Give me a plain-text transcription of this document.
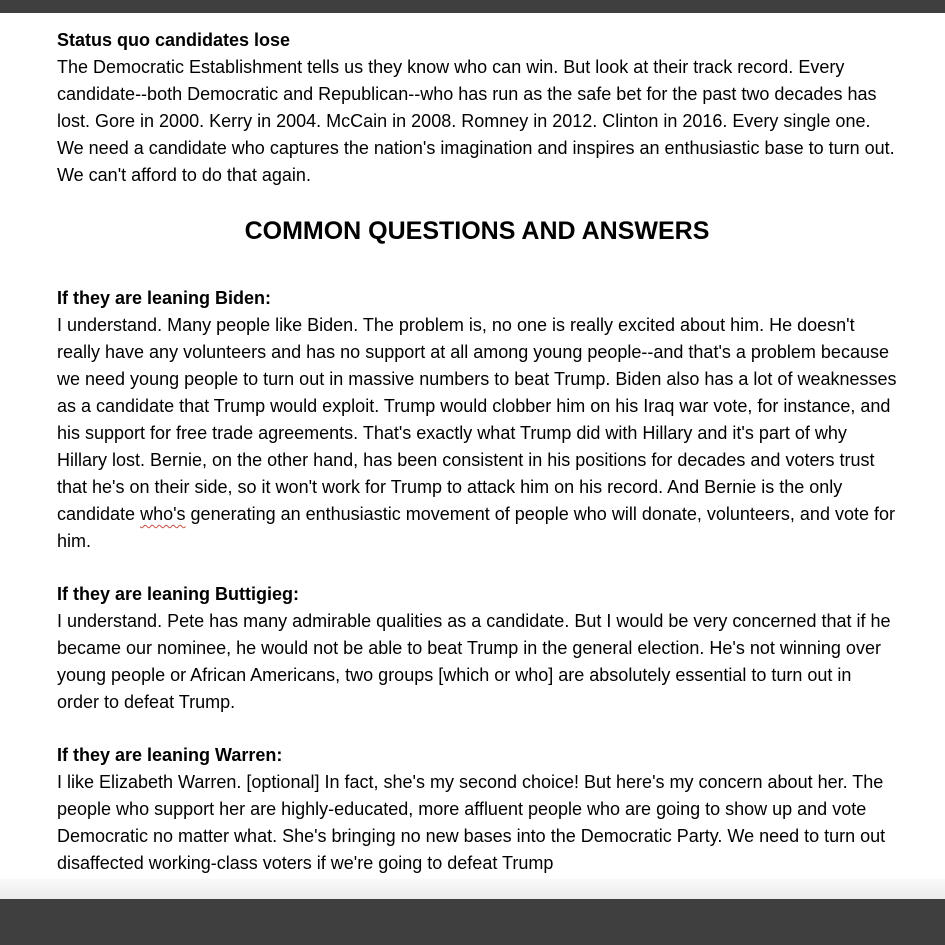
Status quo candidates lose

The Democratic Establishment tells us they know who can win. But look at their track record. Every candidate--both Democratic and Republican--who has run as the safe bet for the past two decades has lost. Gore in 2000. Kerry in 2004. McCain in 2008. Romney in 2012. Clinton in 2016. Every single one. We need a candidate who captures the nation's imagination and inspires an enthusiastic base to turn out. We can't afford to do that again.

COMMON QUESTIONS AND ANSWERS
If they are leaning Biden:

I understand. Many people like Biden. The problem is, no one is really excited about him. He doesn't really have any volunteers and has no support at all among young people--and that's a problem because we need young people to turn out in massive numbers to beat Trump. Biden also has a lot of weaknesses as a candidate that Trump would exploit. Trump would clobber him on his Iraq war vote, for instance, and his support for free trade agreements. That's exactly what Trump did with Hillary and it's part of why Hillary lost. Bernie, on the other hand, has been consistent in his positions for decades and voters trust that he's on their side, so it won't work for Trump to attack him on his record. And Bernie is the only candidate who's generating an enthusiastic movement of people who will donate, volunteers, and vote for him.

If they are leaning Buttigieg:

I understand. Pete has many admirable qualities as a candidate. But I would be very concerned that if he became our nominee, he would not be able to beat Trump in the general election. He's not winning over young people or African Americans, two groups [which or who] are absolutely essential to turn out in order to defeat Trump.

If they are leaning Warren:

I like Elizabeth Warren. [optional] In fact, she's my second choice! But here's my concern about her. The people who support her are highly-educated, more affluent people who are going to show up and vote Democratic no matter what. She's bringing no new bases into the Democratic Party. We need to turn out disaffected working-class voters if we're going to defeat Trump
